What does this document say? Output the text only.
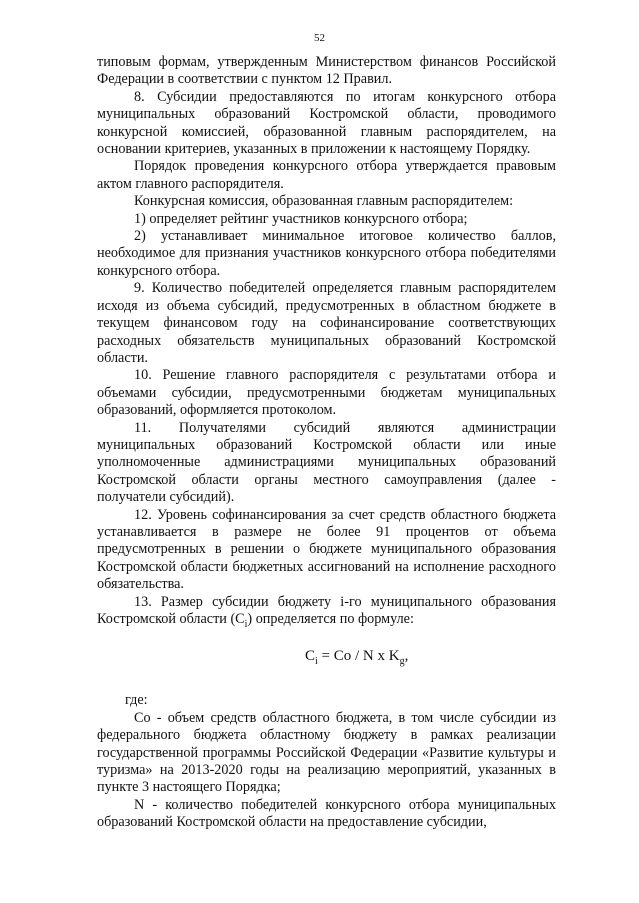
52

типовым формам, утвержденным Министерством финансов Российской Федерации в соответствии с пунктом 12 Правил.

8. Субсидии предоставляются по итогам конкурсного отбора муниципальных образований Костромской области, проводимого конкурсной комиссией, образованной главным распорядителем, на основании критериев, указанных в приложении к настоящему Порядку.

Порядок проведения конкурсного отбора утверждается правовым актом главного распорядителя.

Конкурсная комиссия, образованная главным распорядителем:

1) определяет рейтинг участников конкурсного отбора;

2) устанавливает минимальное итоговое количество баллов, необходимое для признания участников конкурсного отбора победителями конкурсного отбора.

9. Количество победителей определяется главным распорядителем исходя из объема субсидий, предусмотренных в областном бюджете в текущем финансовом году на софинансирование соответствующих расходных обязательств муниципальных образований Костромской области.

10. Решение главного распорядителя с результатами отбора и объемами субсидии, предусмотренными бюджетам муниципальных образований, оформляется протоколом.

11. Получателями субсидий являются администрации муниципальных образований Костромской области или иные уполномоченные администрациями муниципальных образований Костромской области органы местного самоуправления (далее - получатели субсидий).

12. Уровень софинансирования за счет средств областного бюджета устанавливается в размере не более 91 процентов от объема предусмотренных в решении о бюджете муниципального образования Костромской области бюджетных ассигнований на исполнение расходного обязательства.

13. Размер субсидии бюджету i-го муниципального образования Костромской области $(C_i)$ определяется по формуле:

$C_i = Co / N$ x $K_g$,

где:

Co - объем средств областного бюджета, в том числе субсидии из федерального бюджета областному бюджету в рамках реализации государственной программы Российской Федерации «Развитие культуры и туризма» на 2013-2020 годы на реализацию мероприятий, указанных в пункте 3 настоящего Порядка;

N - количество победителей конкурсного отбора муниципальных образований Костромской области на предоставление субсидии,
